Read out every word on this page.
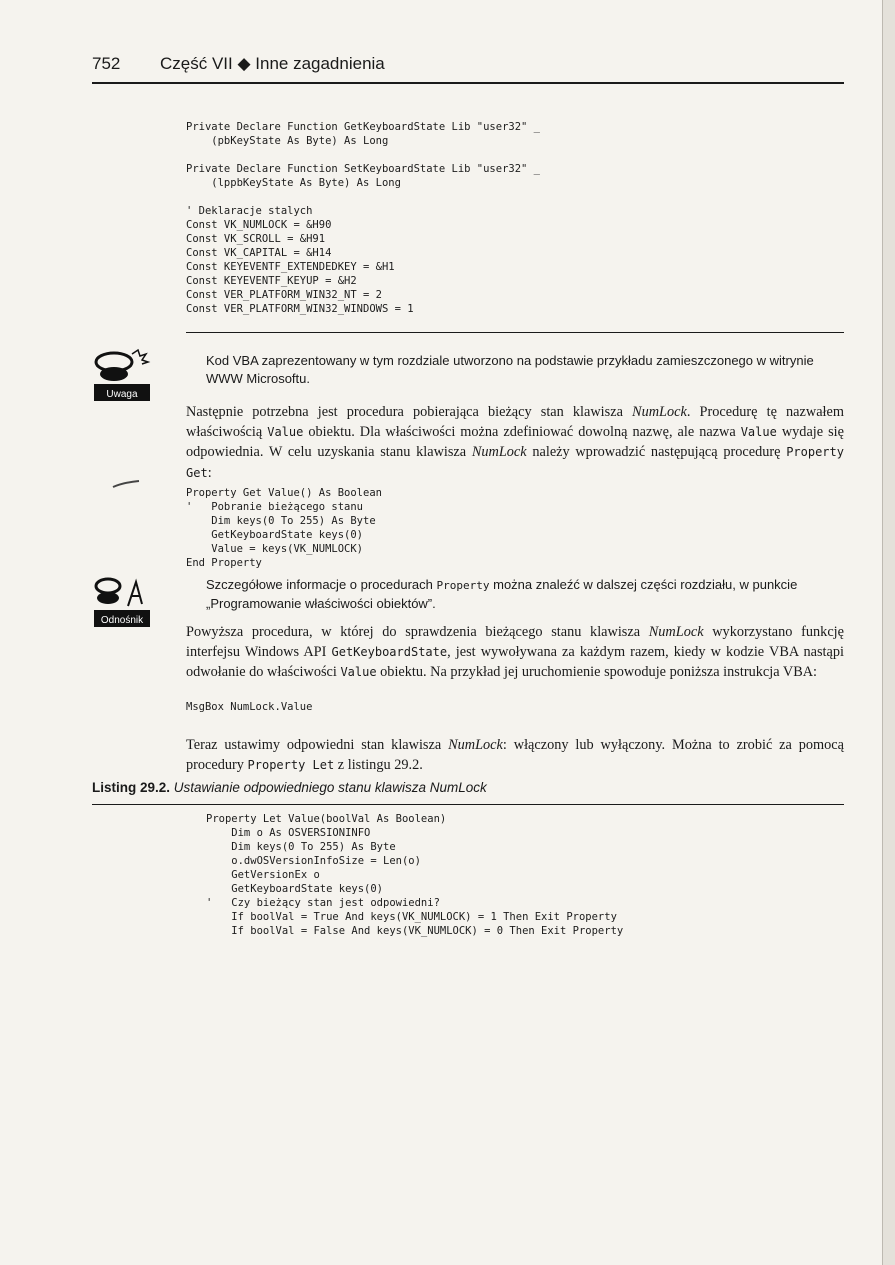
752 Część VII ◆ Inne zagadnienia
Private Declare Function GetKeyboardState Lib "user32" _
(pbKeyState As Byte) As Long

Private Declare Function SetKeyboardState Lib "user32" _
(lppbKeyState As Byte) As Long

' Deklaracje stalych
Const VK_NUMLOCK = &H90
Const VK_SCROLL = &H91
Const VK_CAPITAL = &H14
Const KEYEVENTF_EXTENDEDKEY = &H1
Const KEYEVENTF_KEYUP = &H2
Const VER_PLATFORM_WIN32_NT = 2
Const VER_PLATFORM_WIN32_WINDOWS = 1
Uwaga

Kod VBA zaprezentowany w tym rozdziale utworzono na podstawie przykładu zamieszczonego w witrynie WWW Microsoftu.

Następnie potrzebna jest procedura pobierająca bieżący stan klawisza NumLock. Procedurę tę nazwałem właściwością Value obiektu. Dla właściwości można zdefiniować dowolną nazwę, ale nazwa Value wydaje się odpowiednia. W celu uzyskania stanu klawisza NumLock należy wprowadzić następującą procedurę Property Get:

Property Get Value() As Boolean
'   Pobranie bieżącego stanu
Dim keys(0 To 255) As Byte
GetKeyboardState keys(0)
Value = keys(VK_NUMLOCK)
End Property
Odnośnik

Szczegółowe informacje o procedurach Property można znaleźć w dalszej części rozdziału, w punkcie „Programowanie właściwości obiektów”.

Powyższa procedura, w której do sprawdzenia bieżącego stanu klawisza NumLock wykorzystano funkcję interfejsu Windows API GetKeyboardState, jest wywoływana za każdym razem, kiedy w kodzie VBA nastąpi odwołanie do właściwości Value obiektu. Na przykład jej uruchomienie spowoduje poniższa instrukcja VBA:

MsgBox NumLock.Value

Teraz ustawimy odpowiedni stan klawisza NumLock: włączony lub wyłączony. Można to zrobić za pomocą procedury Property Let z listingu 29.2.

Listing 29.2. Ustawianie odpowiedniego stanu klawisza NumLock
Property Let Value(boolVal As Boolean)
Dim o As OSVERSIONINFO
Dim keys(0 To 255) As Byte
o.dwOSVersionInfoSize = Len(o)
GetVersionEx o
GetKeyboardState keys(0)
'   Czy bieżący stan jest odpowiedni?
If boolVal = True And keys(VK_NUMLOCK) = 1 Then Exit Property
If boolVal = False And keys(VK_NUMLOCK) = 0 Then Exit Property
